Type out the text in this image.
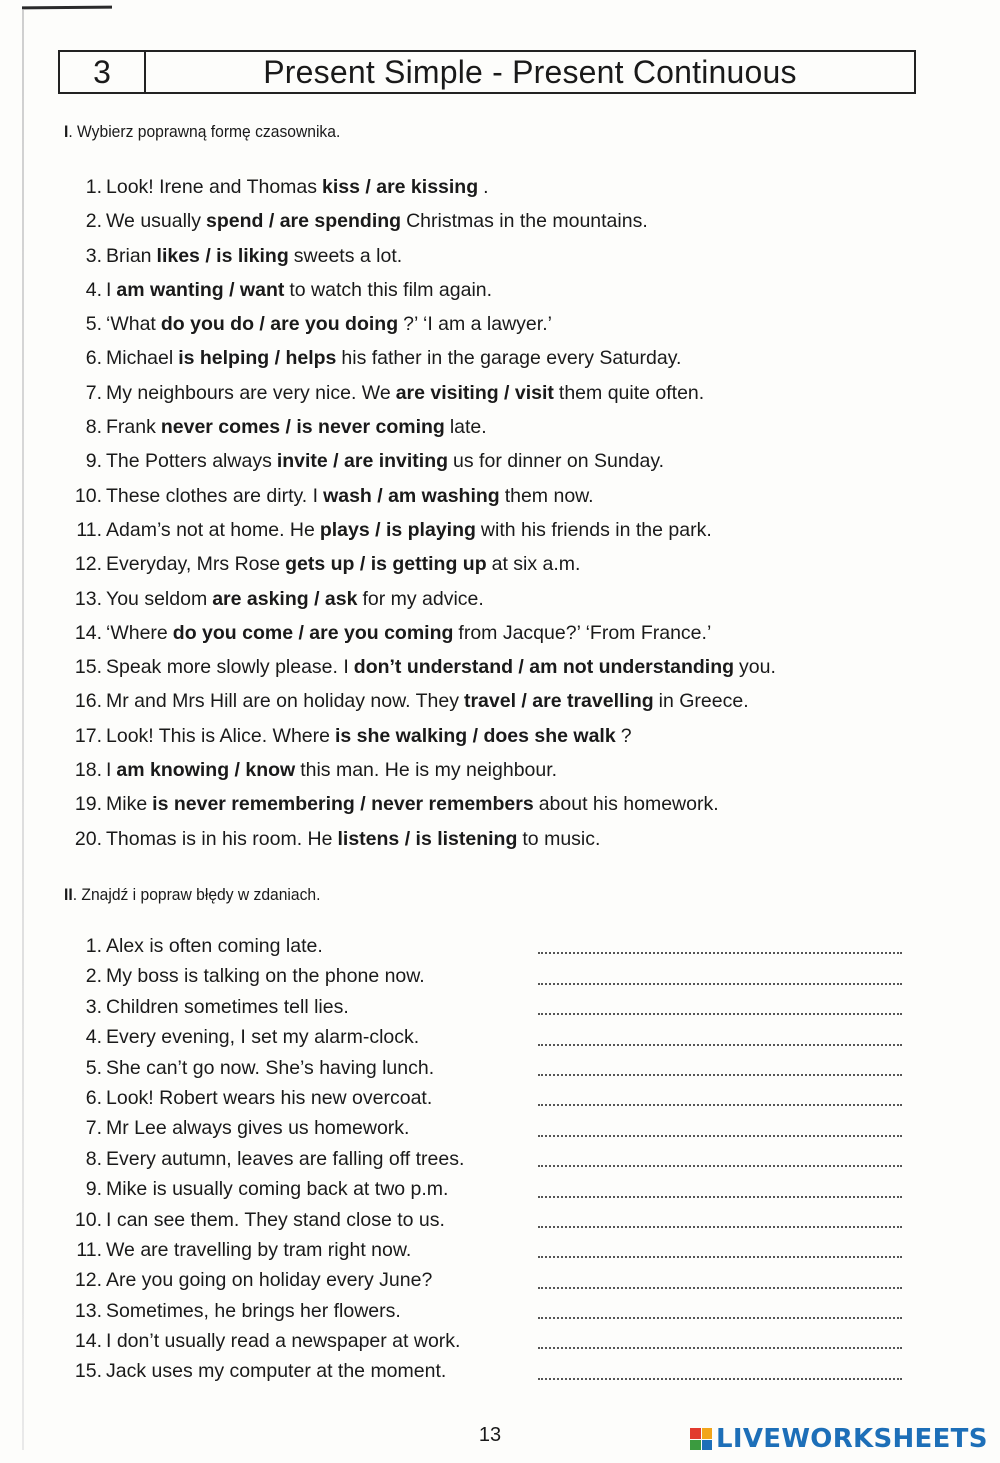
3	Present Simple - Present Continuous
I. Wybierz poprawną formę czasownika.
1. Look! Irene and Thomas kiss / are kissing .
2. We usually spend / are spending Christmas in the mountains.
3. Brian likes / is liking sweets a lot.
4. I am wanting / want to watch this film again.
5. ‘What do you do / are you doing ?’ ‘I am a lawyer.’
6. Michael is helping / helps his father in the garage every Saturday.
7. My neighbours are very nice. We are visiting / visit them quite often.
8. Frank never comes / is never coming late.
9. The Potters always invite / are inviting us for dinner on Sunday.
10. These clothes are dirty. I wash / am washing them now.
11. Adam’s not at home. He plays / is playing with his friends in the park.
12. Everyday, Mrs Rose gets up / is getting up at six a.m.
13. You seldom are asking / ask for my advice.
14. ‘Where do you come / are you coming from Jacque?’ ‘From France.’
15. Speak more slowly please. I don’t understand / am not understanding you.
16. Mr and Mrs Hill are on holiday now. They travel / are travelling in Greece.
17. Look! This is Alice. Where is she walking / does she walk ?
18. I am knowing / know this man. He is my neighbour.
19. Mike is never remembering / never remembers about his homework.
20. Thomas is in his room. He listens / is listening to music.
II. Znajdź i popraw błędy w zdaniach.
1. Alex is often coming late.
2. My boss is talking on the phone now.
3. Children sometimes tell lies.
4. Every evening, I set my alarm-clock.
5. She can’t go now. She’s having lunch.
6. Look! Robert wears his new overcoat.
7. Mr Lee always gives us homework.
8. Every autumn, leaves are falling off trees.
9. Mike is usually coming back at two p.m.
10. I can see them. They stand close to us.
11. We are travelling by tram right now.
12. Are you going on holiday every June?
13. Sometimes, he brings her flowers.
14. I don’t usually read a newspaper at work.
15. Jack uses my computer at the moment.
13	LIVEWORKSHEETS
